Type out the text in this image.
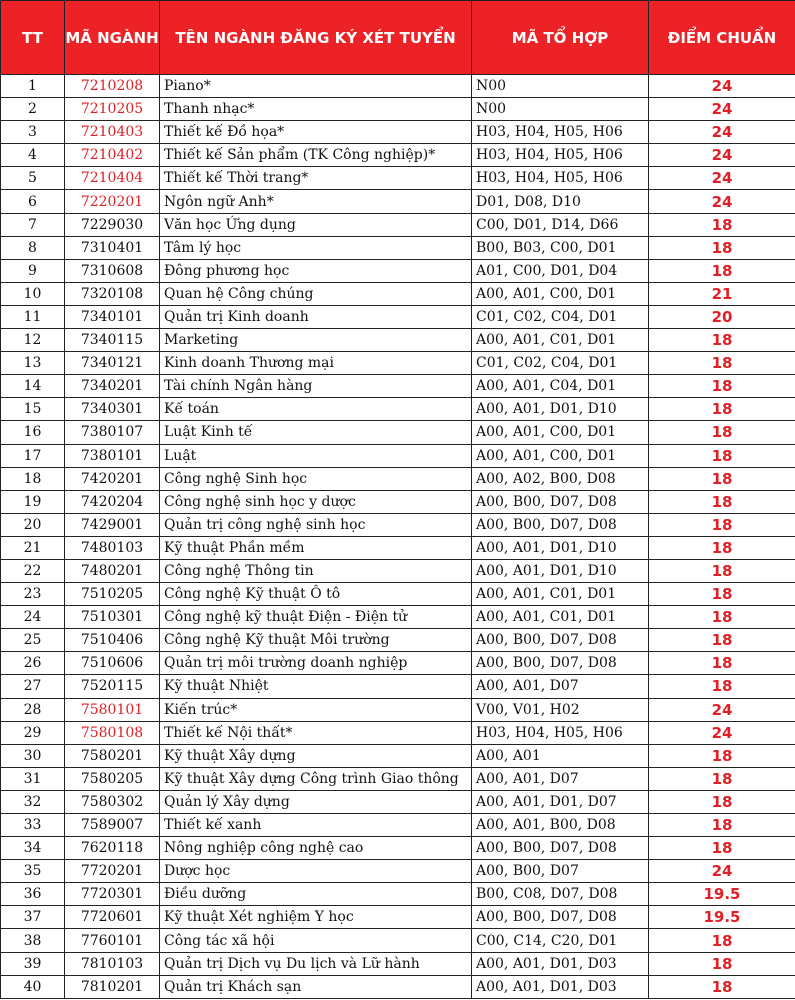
TT	MÃ NGÀNH	TÊN NGÀNH ĐĂNG KÝ XÉT TUYỂN	MÃ TỔ HỢP	ĐIỂM CHUẨN
1	7210208	Piano*	N00	24
2	7210205	Thanh nhạc*	N00	24
3	7210403	Thiết kế Đồ họa*	H03, H04, H05, H06	24
4	7210402	Thiết kế Sản phẩm (TK Công nghiệp)*	H03, H04, H05, H06	24
5	7210404	Thiết kế Thời trang*	H03, H04, H05, H06	24
6	7220201	Ngôn ngữ Anh*	D01, D08, D10	24
7	7229030	Văn học Ứng dụng	C00, D01, D14, D66	18
8	7310401	Tâm lý học	B00, B03, C00, D01	18
9	7310608	Đông phương học	A01, C00, D01, D04	18
10	7320108	Quan hệ Công chúng	A00, A01, C00, D01	21
11	7340101	Quản trị Kinh doanh	C01, C02, C04, D01	20
12	7340115	Marketing	A00, A01, C01, D01	18
13	7340121	Kinh doanh Thương mại	C01, C02, C04, D01	18
14	7340201	Tài chính Ngân hàng	A00, A01, C04, D01	18
15	7340301	Kế toán	A00, A01, D01, D10	18
16	7380107	Luật Kinh tế	A00, A01, C00, D01	18
17	7380101	Luật	A00, A01, C00, D01	18
18	7420201	Công nghệ Sinh học	A00, A02, B00, D08	18
19	7420204	Công nghệ sinh học y dược	A00, B00, D07, D08	18
20	7429001	Quản trị công nghệ sinh học	A00, B00, D07, D08	18
21	7480103	Kỹ thuật Phần mềm	A00, A01, D01, D10	18
22	7480201	Công nghệ Thông tin	A00, A01, D01, D10	18
23	7510205	Công nghệ Kỹ thuật Ô tô	A00, A01, C01, D01	18
24	7510301	Công nghệ kỹ thuật Điện - Điện tử	A00, A01, C01, D01	18
25	7510406	Công nghệ Kỹ thuật Môi trường	A00, B00, D07, D08	18
26	7510606	Quản trị môi trường doanh nghiệp	A00, B00, D07, D08	18
27	7520115	Kỹ thuật Nhiệt	A00, A01, D07	18
28	7580101	Kiến trúc*	V00, V01, H02	24
29	7580108	Thiết kế Nội thất*	H03, H04, H05, H06	24
30	7580201	Kỹ thuật Xây dựng	A00, A01	18
31	7580205	Kỹ thuật Xây dựng Công trình Giao thông	A00, A01, D07	18
32	7580302	Quản lý Xây dựng	A00, A01, D01, D07	18
33	7589007	Thiết kế xanh	A00, A01, B00, D08	18
34	7620118	Nông nghiệp công nghệ cao	A00, B00, D07, D08	18
35	7720201	Dược học	A00, B00, D07	24
36	7720301	Điều dưỡng	B00, C08, D07, D08	19.5
37	7720601	Kỹ thuật Xét nghiệm Y học	A00, B00, D07, D08	19.5
38	7760101	Công tác xã hội	C00, C14, C20, D01	18
39	7810103	Quản trị Dịch vụ Du lịch và Lữ hành	A00, A01, D01, D03	18
40	7810201	Quản trị Khách sạn	A00, A01, D01, D03	18
